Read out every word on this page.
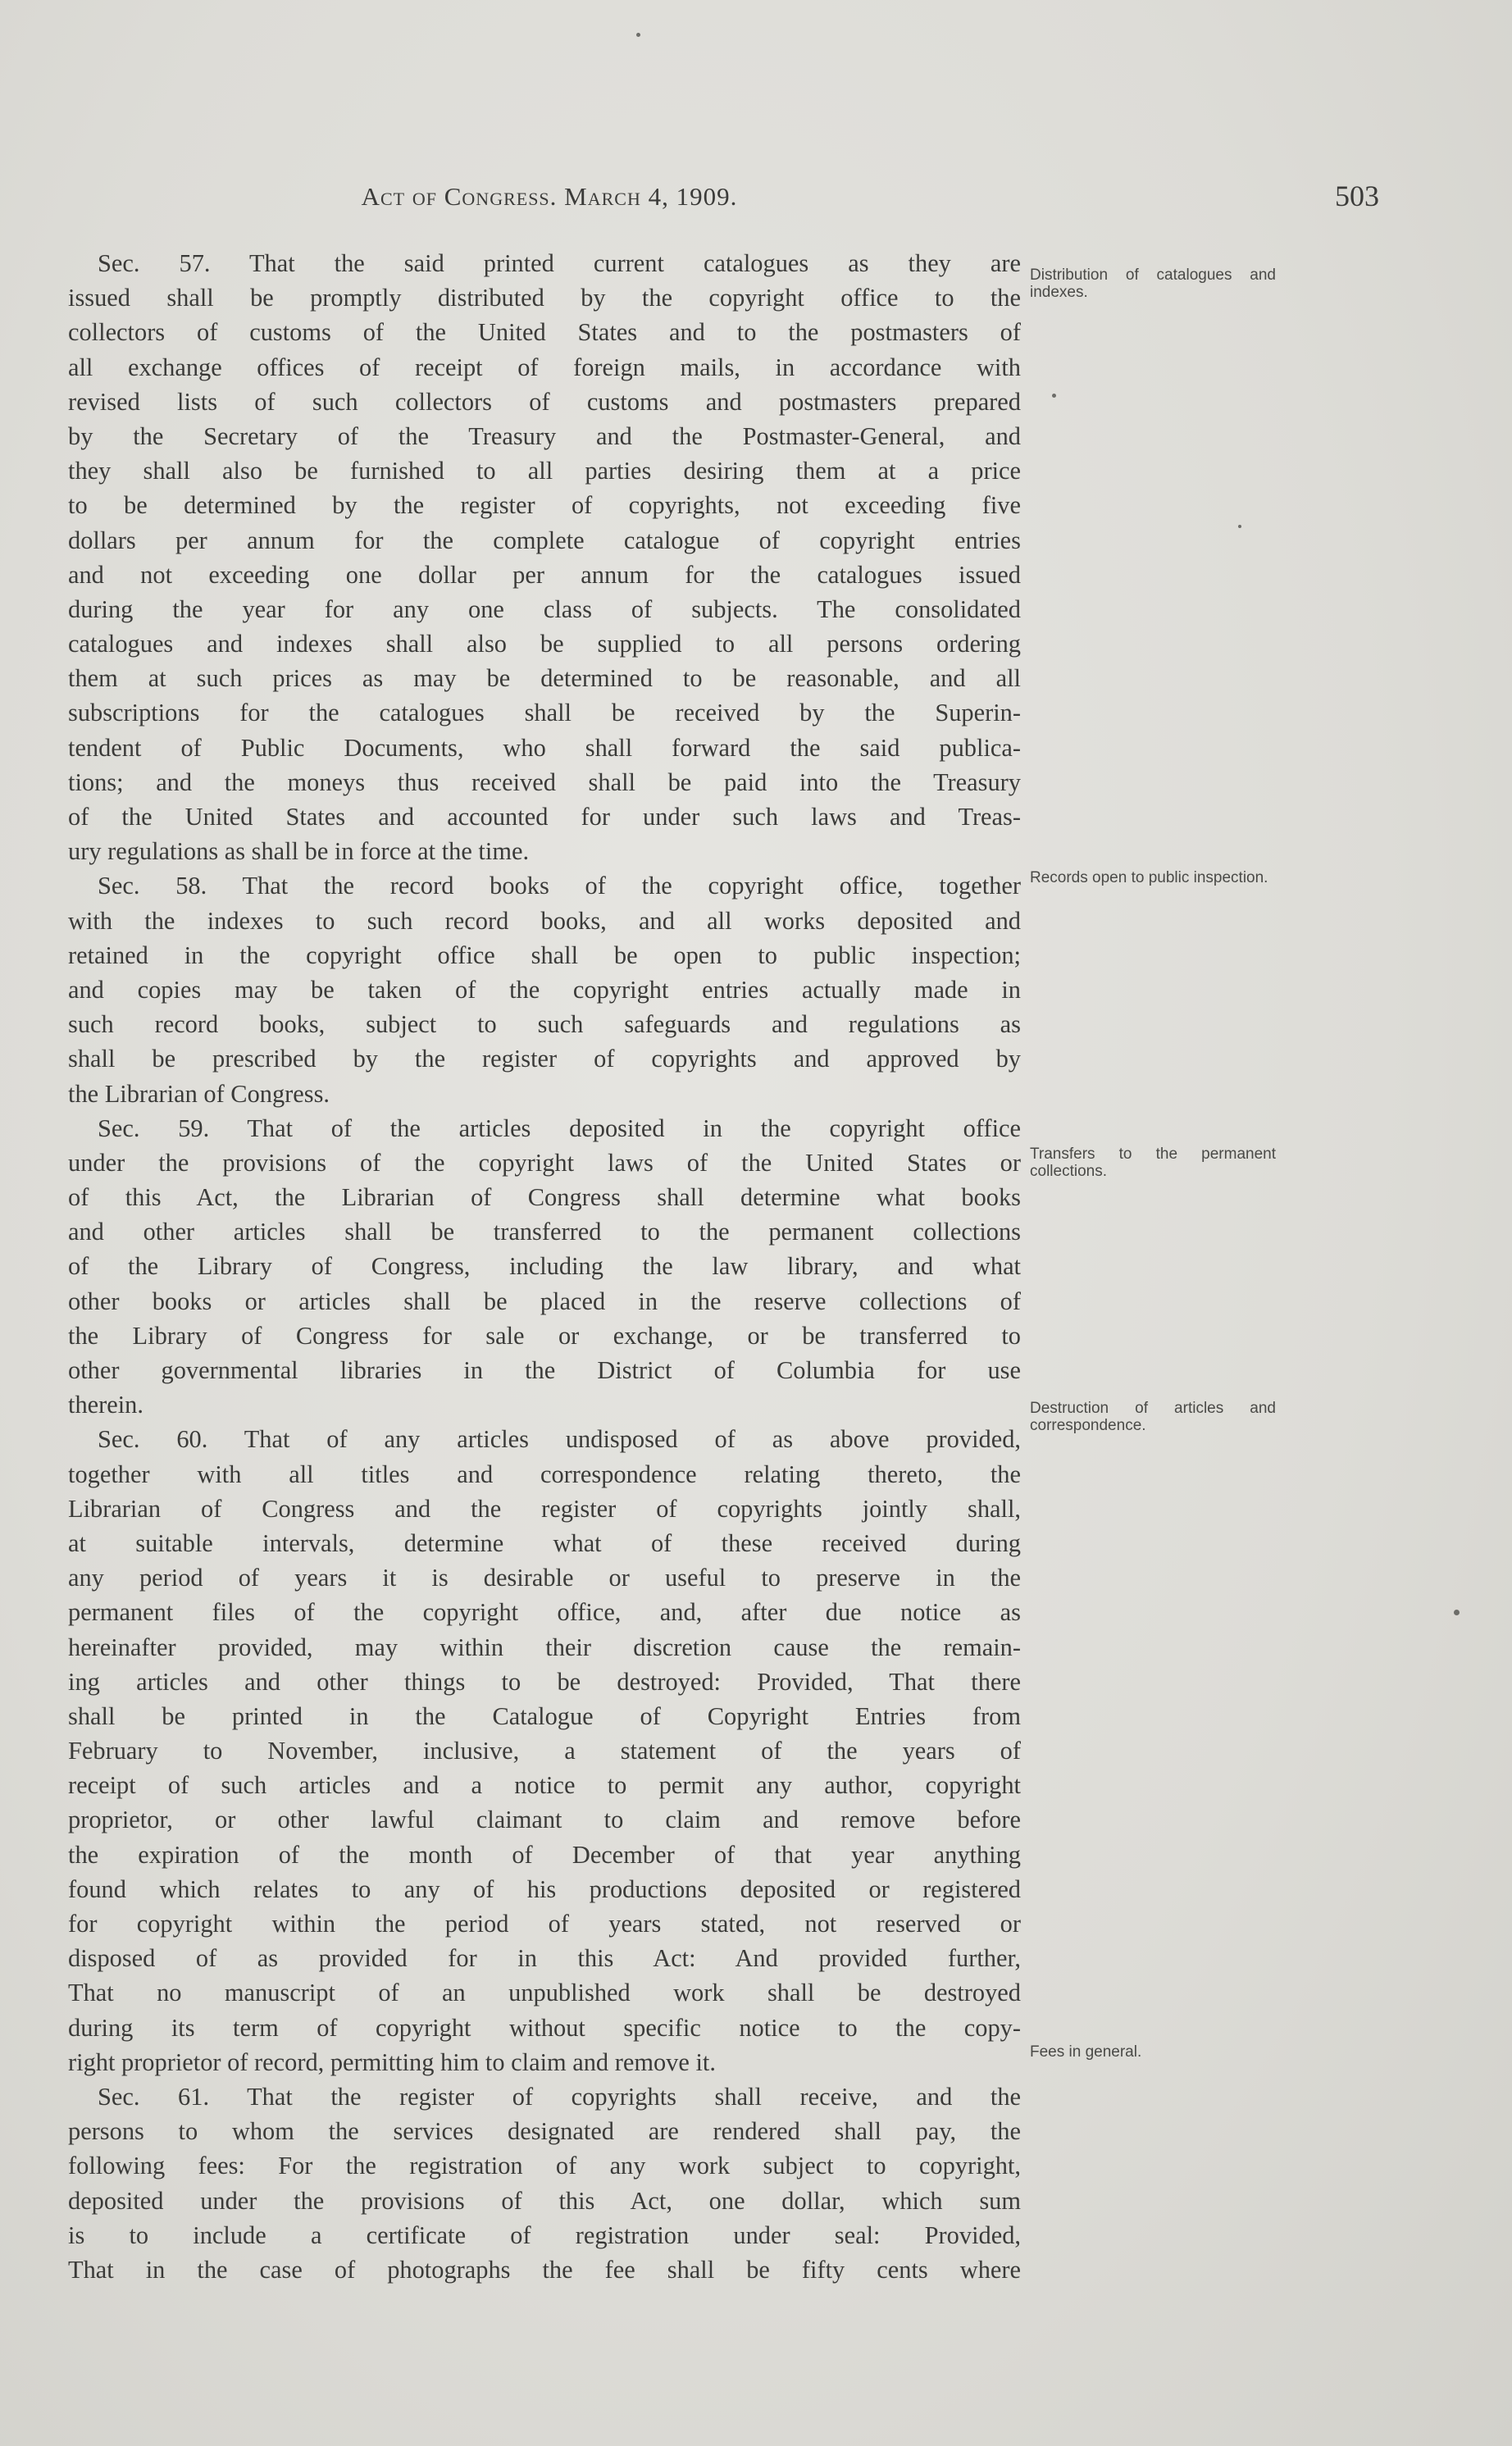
Act of Congress. March 4, 1909.	503
Sec. 57. That the said printed current catalogues as they are
issued shall be promptly distributed by the copyright office to the
collectors of customs of the United States and to the postmasters of
all exchange offices of receipt of foreign mails, in accordance with
revised lists of such collectors of customs and postmasters prepared
by the Secretary of the Treasury and the Postmaster-General, and
they shall also be furnished to all parties desiring them at a price
to be determined by the register of copyrights, not exceeding five
dollars per annum for the complete catalogue of copyright entries
and not exceeding one dollar per annum for the catalogues issued
during the year for any one class of subjects. The consolidated
catalogues and indexes shall also be supplied to all persons ordering
them at such prices as may be determined to be reasonable, and all
subscriptions for the catalogues shall be received by the Superin-
tendent of Public Documents, who shall forward the said publica-
tions; and the moneys thus received shall be paid into the Treasury
of the United States and accounted for under such laws and Treas-
ury regulations as shall be in force at the time.
Sec. 58. That the record books of the copyright office, together
with the indexes to such record books, and all works deposited and
retained in the copyright office shall be open to public inspection;
and copies may be taken of the copyright entries actually made in
such record books, subject to such safeguards and regulations as
shall be prescribed by the register of copyrights and approved by
the Librarian of Congress.
Sec. 59. That of the articles deposited in the copyright office
under the provisions of the copyright laws of the United States or
of this Act, the Librarian of Congress shall determine what books
and other articles shall be transferred to the permanent collections
of the Library of Congress, including the law library, and what
other books or articles shall be placed in the reserve collections of
the Library of Congress for sale or exchange, or be transferred to
other governmental libraries in the District of Columbia for use
therein.
Sec. 60. That of any articles undisposed of as above provided,
together with all titles and correspondence relating thereto, the
Librarian of Congress and the register of copyrights jointly shall,
at suitable intervals, determine what of these received during
any period of years it is desirable or useful to preserve in the
permanent files of the copyright office, and, after due notice as
hereinafter provided, may within their discretion cause the remain-
ing articles and other things to be destroyed: Provided, That there
shall be printed in the Catalogue of Copyright Entries from
February to November, inclusive, a statement of the years of
receipt of such articles and a notice to permit any author, copyright
proprietor, or other lawful claimant to claim and remove before
the expiration of the month of December of that year anything
found which relates to any of his productions deposited or registered
for copyright within the period of years stated, not reserved or
disposed of as provided for in this Act: And provided further,
That no manuscript of an unpublished work shall be destroyed
during its term of copyright without specific notice to the copy-
right proprietor of record, permitting him to claim and remove it.
Sec. 61. That the register of copyrights shall receive, and the
persons to whom the services designated are rendered shall pay, the
following fees: For the registration of any work subject to copyright,
deposited under the provisions of this Act, one dollar, which sum
is to include a certificate of registration under seal: Provided,
That in the case of photographs the fee shall be fifty cents where
Distribution of catalogues and indexes.
Records open to public inspection.
Transfers to the permanent collections.
Destruction of articles and correspondence.
Fees in general.
